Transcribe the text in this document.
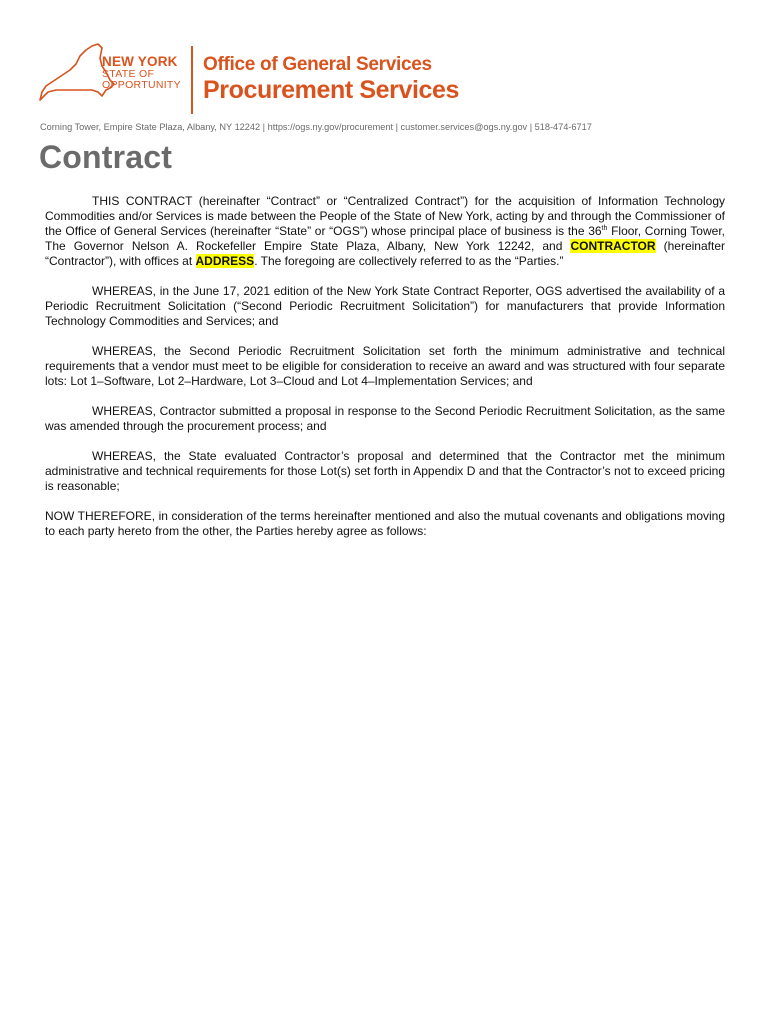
NEW YORK
STATE OF
OPPORTUNITY
Office of General Services
Procurement Services
Corning Tower, Empire State Plaza, Albany, NY 12242 | https://ogs.ny.gov/procurement | customer.services@ogs.ny.gov | 518-474-6717
Contract

THIS CONTRACT (hereinafter “Contract” or “Centralized Contract”) for the acquisition of Information Technology Commodities and/or Services is made between the People of the State of New York, acting by and through the Commissioner of the Office of General Services (hereinafter “State” or “OGS”) whose principal place of business is the 36th Floor, Corning Tower, The Governor Nelson A. Rockefeller Empire State Plaza, Albany, New York 12242, and CONTRACTOR (hereinafter “Contractor”), with offices at ADDRESS. The foregoing are collectively referred to as the “Parties.”

WHEREAS, in the June 17, 2021 edition of the New York State Contract Reporter, OGS advertised the availability of a Periodic Recruitment Solicitation (“Second Periodic Recruitment Solicitation”) for manufacturers that provide Information Technology Commodities and Services; and

WHEREAS, the Second Periodic Recruitment Solicitation set forth the minimum administrative and technical requirements that a vendor must meet to be eligible for consideration to receive an award and was structured with four separate lots: Lot 1–Software, Lot 2–Hardware, Lot 3–Cloud and Lot 4–Implementation Services; and

WHEREAS, Contractor submitted a proposal in response to the Second Periodic Recruitment Solicitation, as the same was amended through the procurement process; and

WHEREAS, the State evaluated Contractor’s proposal and determined that the Contractor met the minimum administrative and technical requirements for those Lot(s) set forth in Appendix D and that the Contractor’s not to exceed pricing is reasonable;

NOW THEREFORE, in consideration of the terms hereinafter mentioned and also the mutual covenants and obligations moving to each party hereto from the other, the Parties hereby agree as follows:
